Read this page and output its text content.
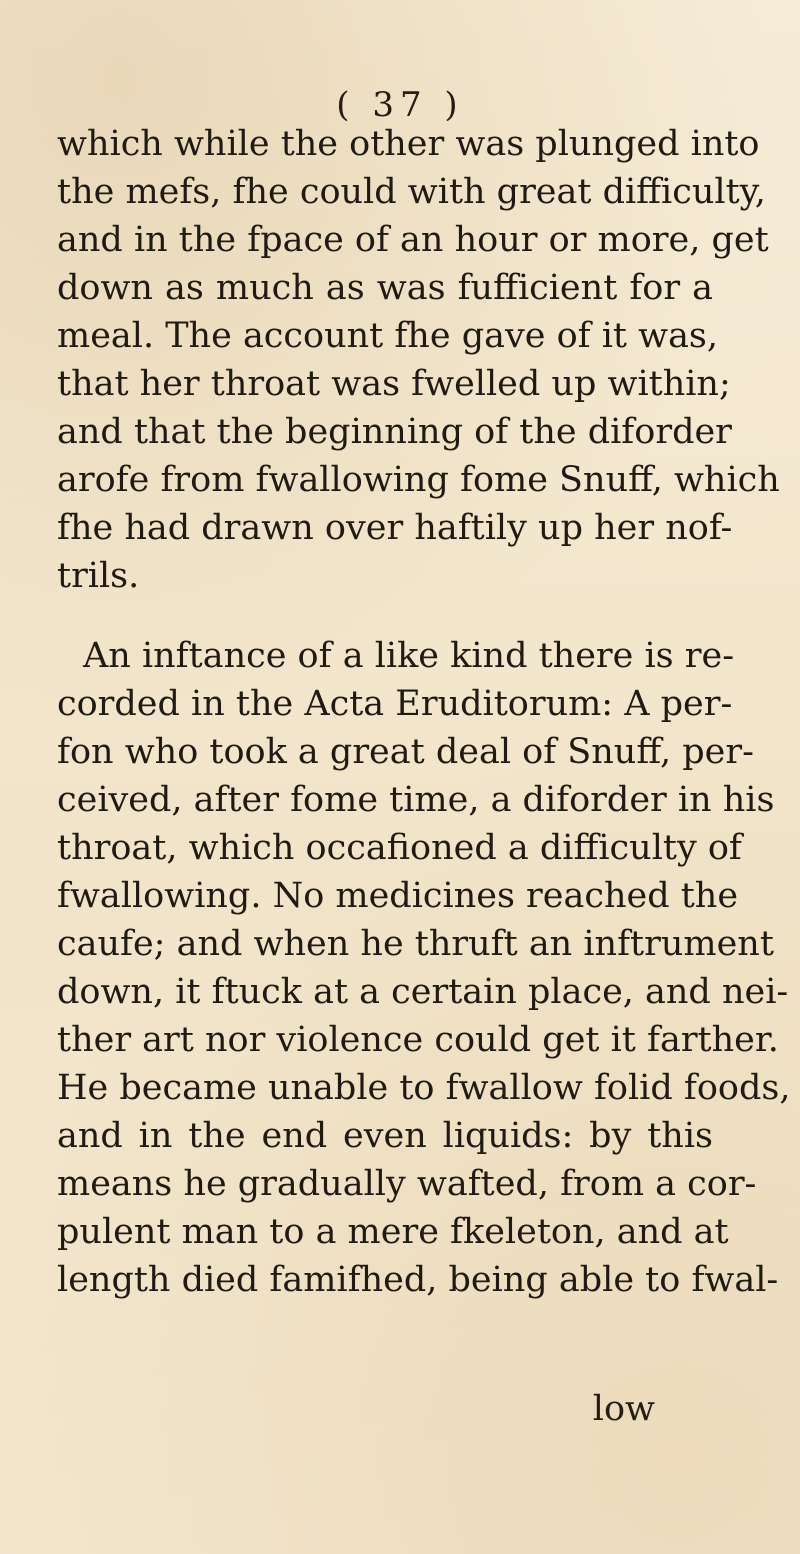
( 37 )
which while the other was plunged into
the mefs, fhe could with great difficulty,
and in the fpace of an hour or more, get
down as much as was fufficient for a
meal. The account fhe gave of it was,
that her throat was fwelled up within;
and that the beginning of the diforder
arofe from fwallowing fome Snuff, which
fhe had drawn over haftily up her nof-
trils.
An inftance of a like kind there is re-
corded in the Acta Eruditorum: A per-
fon who took a great deal of Snuff, per-
ceived, after fome time, a diforder in his
throat, which occafioned a difficulty of
fwallowing. No medicines reached the
caufe; and when he thruft an inftrument
down, it ftuck at a certain place, and nei-
ther art nor violence could get it farther.
He became unable to fwallow folid foods,
and in the end even liquids: by this
means he gradually wafted, from a cor-
pulent man to a mere fkeleton, and at
length died famifhed, being able to fwal-
low
